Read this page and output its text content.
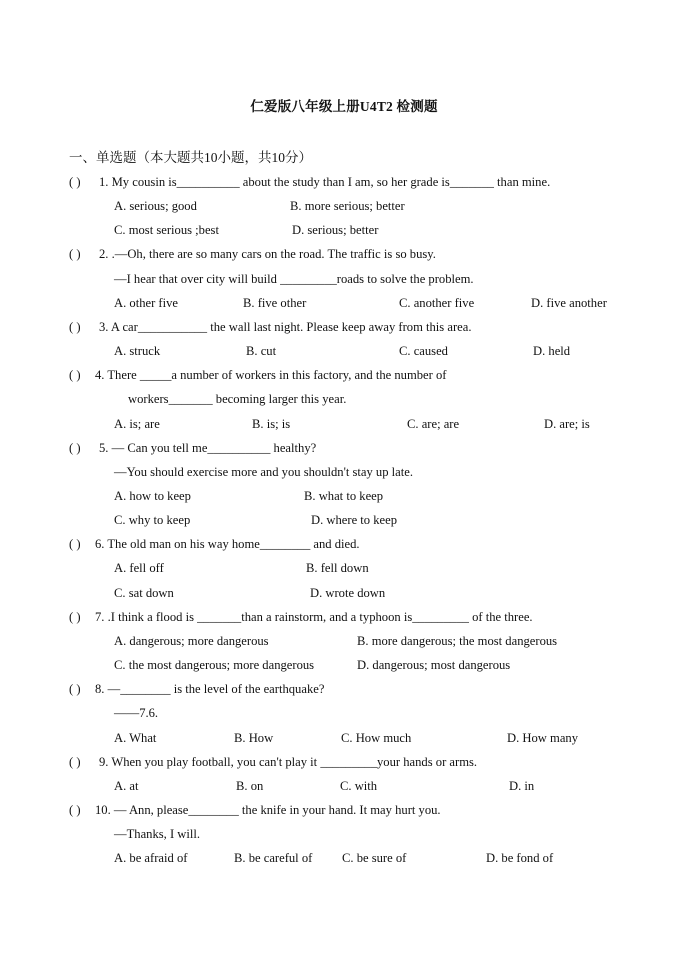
仁爱版八年级上册U4T2 检测题
一、单选题（本大题共10小题，共10分）
( ) 1. My cousin is__________ about the study than I am, so her grade is_______ than mine.
A. serious; good	B. more serious; better
C. most serious ;best	D. serious; better
( ) 2. .—Oh, there are so many cars on the road. The traffic is so busy.
—I hear that over city will build _________roads to solve the problem.
A. other five	B. five other	C. another five	D. five another
( ) 3. A car___________ the wall last night. Please keep away from this area.
A. struck	B. cut	C. caused	D. held
( ) 4. There _____a number of workers in this factory, and the number of
workers_______ becoming larger this year.
A. is; are	B. is; is	C. are; are	D. are; is
( ) 5. — Can you tell me__________ healthy?
—You should exercise more and you shouldn't stay up late.
A. how to keep	B. what to keep
C. why to keep	D. where to keep
( ) 6. The old man on his way home________ and died.
A. fell off	B. fell down
C. sat down	D. wrote down
( ) 7. .I think a flood is _______than a rainstorm, and a typhoon is_________ of the three.
A. dangerous; more dangerous	B. more dangerous; the most dangerous
C. the most dangerous; more dangerous	D. dangerous; most dangerous
( ) 8. —________ is the level of the earthquake?
——7.6.
A. What	B. How	C. How much	D. How many
( ) 9. When you play football, you can't play it _________your hands or arms.
A. at	B. on	C. with	D. in
( ) 10. — Ann, please________ the knife in your hand. It may hurt you.
—Thanks, I will.
A. be afraid of	B. be careful of C. be sure of	D. be fond of
